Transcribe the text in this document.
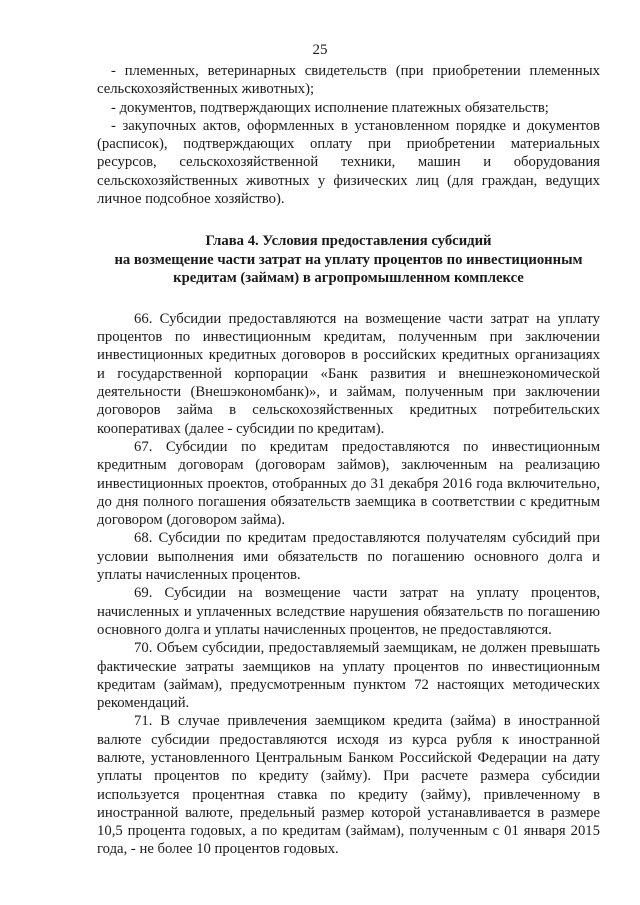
25

- племенных, ветеринарных свидетельств (при приобретении племенных сельскохозяйственных животных);

- документов, подтверждающих исполнение платежных обязательств;

- закупочных актов, оформленных в установленном порядке и документов (расписок), подтверждающих оплату при приобретении материальных ресурсов, сельскохозяйственной техники, машин и оборудования сельскохозяйственных животных у физических лиц (для граждан, ведущих личное подсобное хозяйство).

Глава 4. Условия предоставления субсидий
на возмещение части затрат на уплату процентов по инвестиционным
кредитам (займам) в агропромышленном комплексе

66. Субсидии предоставляются на возмещение части затрат на уплату процентов по инвестиционным кредитам, полученным при заключении инвестиционных кредитных договоров в российских кредитных организациях и государственной корпорации «Банк развития и внешнеэкономической деятельности (Внешэкономбанк)», и займам, полученным при заключении договоров займа в сельскохозяйственных кредитных потребительских кооперативах (далее - субсидии по кредитам).

67. Субсидии по кредитам предоставляются по инвестиционным кредитным договорам (договорам займов), заключенным на реализацию инвестиционных проектов, отобранных до 31 декабря 2016 года включительно, до дня полного погашения обязательств заемщика в соответствии с кредитным договором (договором займа).

68. Субсидии по кредитам предоставляются получателям субсидий при условии выполнения ими обязательств по погашению основного долга и уплаты начисленных процентов.

69. Субсидии на возмещение части затрат на уплату процентов, начисленных и уплаченных вследствие нарушения обязательств по погашению основного долга и уплаты начисленных процентов, не предоставляются.

70. Объем субсидии, предоставляемый заемщикам, не должен превышать фактические затраты заемщиков на уплату процентов по инвестиционным кредитам (займам), предусмотренным пунктом 72 настоящих методических рекомендаций.

71. В случае привлечения заемщиком кредита (займа) в иностранной валюте субсидии предоставляются исходя из курса рубля к иностранной валюте, установленного Центральным Банком Российской Федерации на дату уплаты процентов по кредиту (займу). При расчете размера субсидии используется процентная ставка по кредиту (займу), привлеченному в иностранной валюте, предельный размер которой устанавливается в размере 10,5 процента годовых, а по кредитам (займам), полученным с 01 января 2015 года, - не более 10 процентов годовых.
